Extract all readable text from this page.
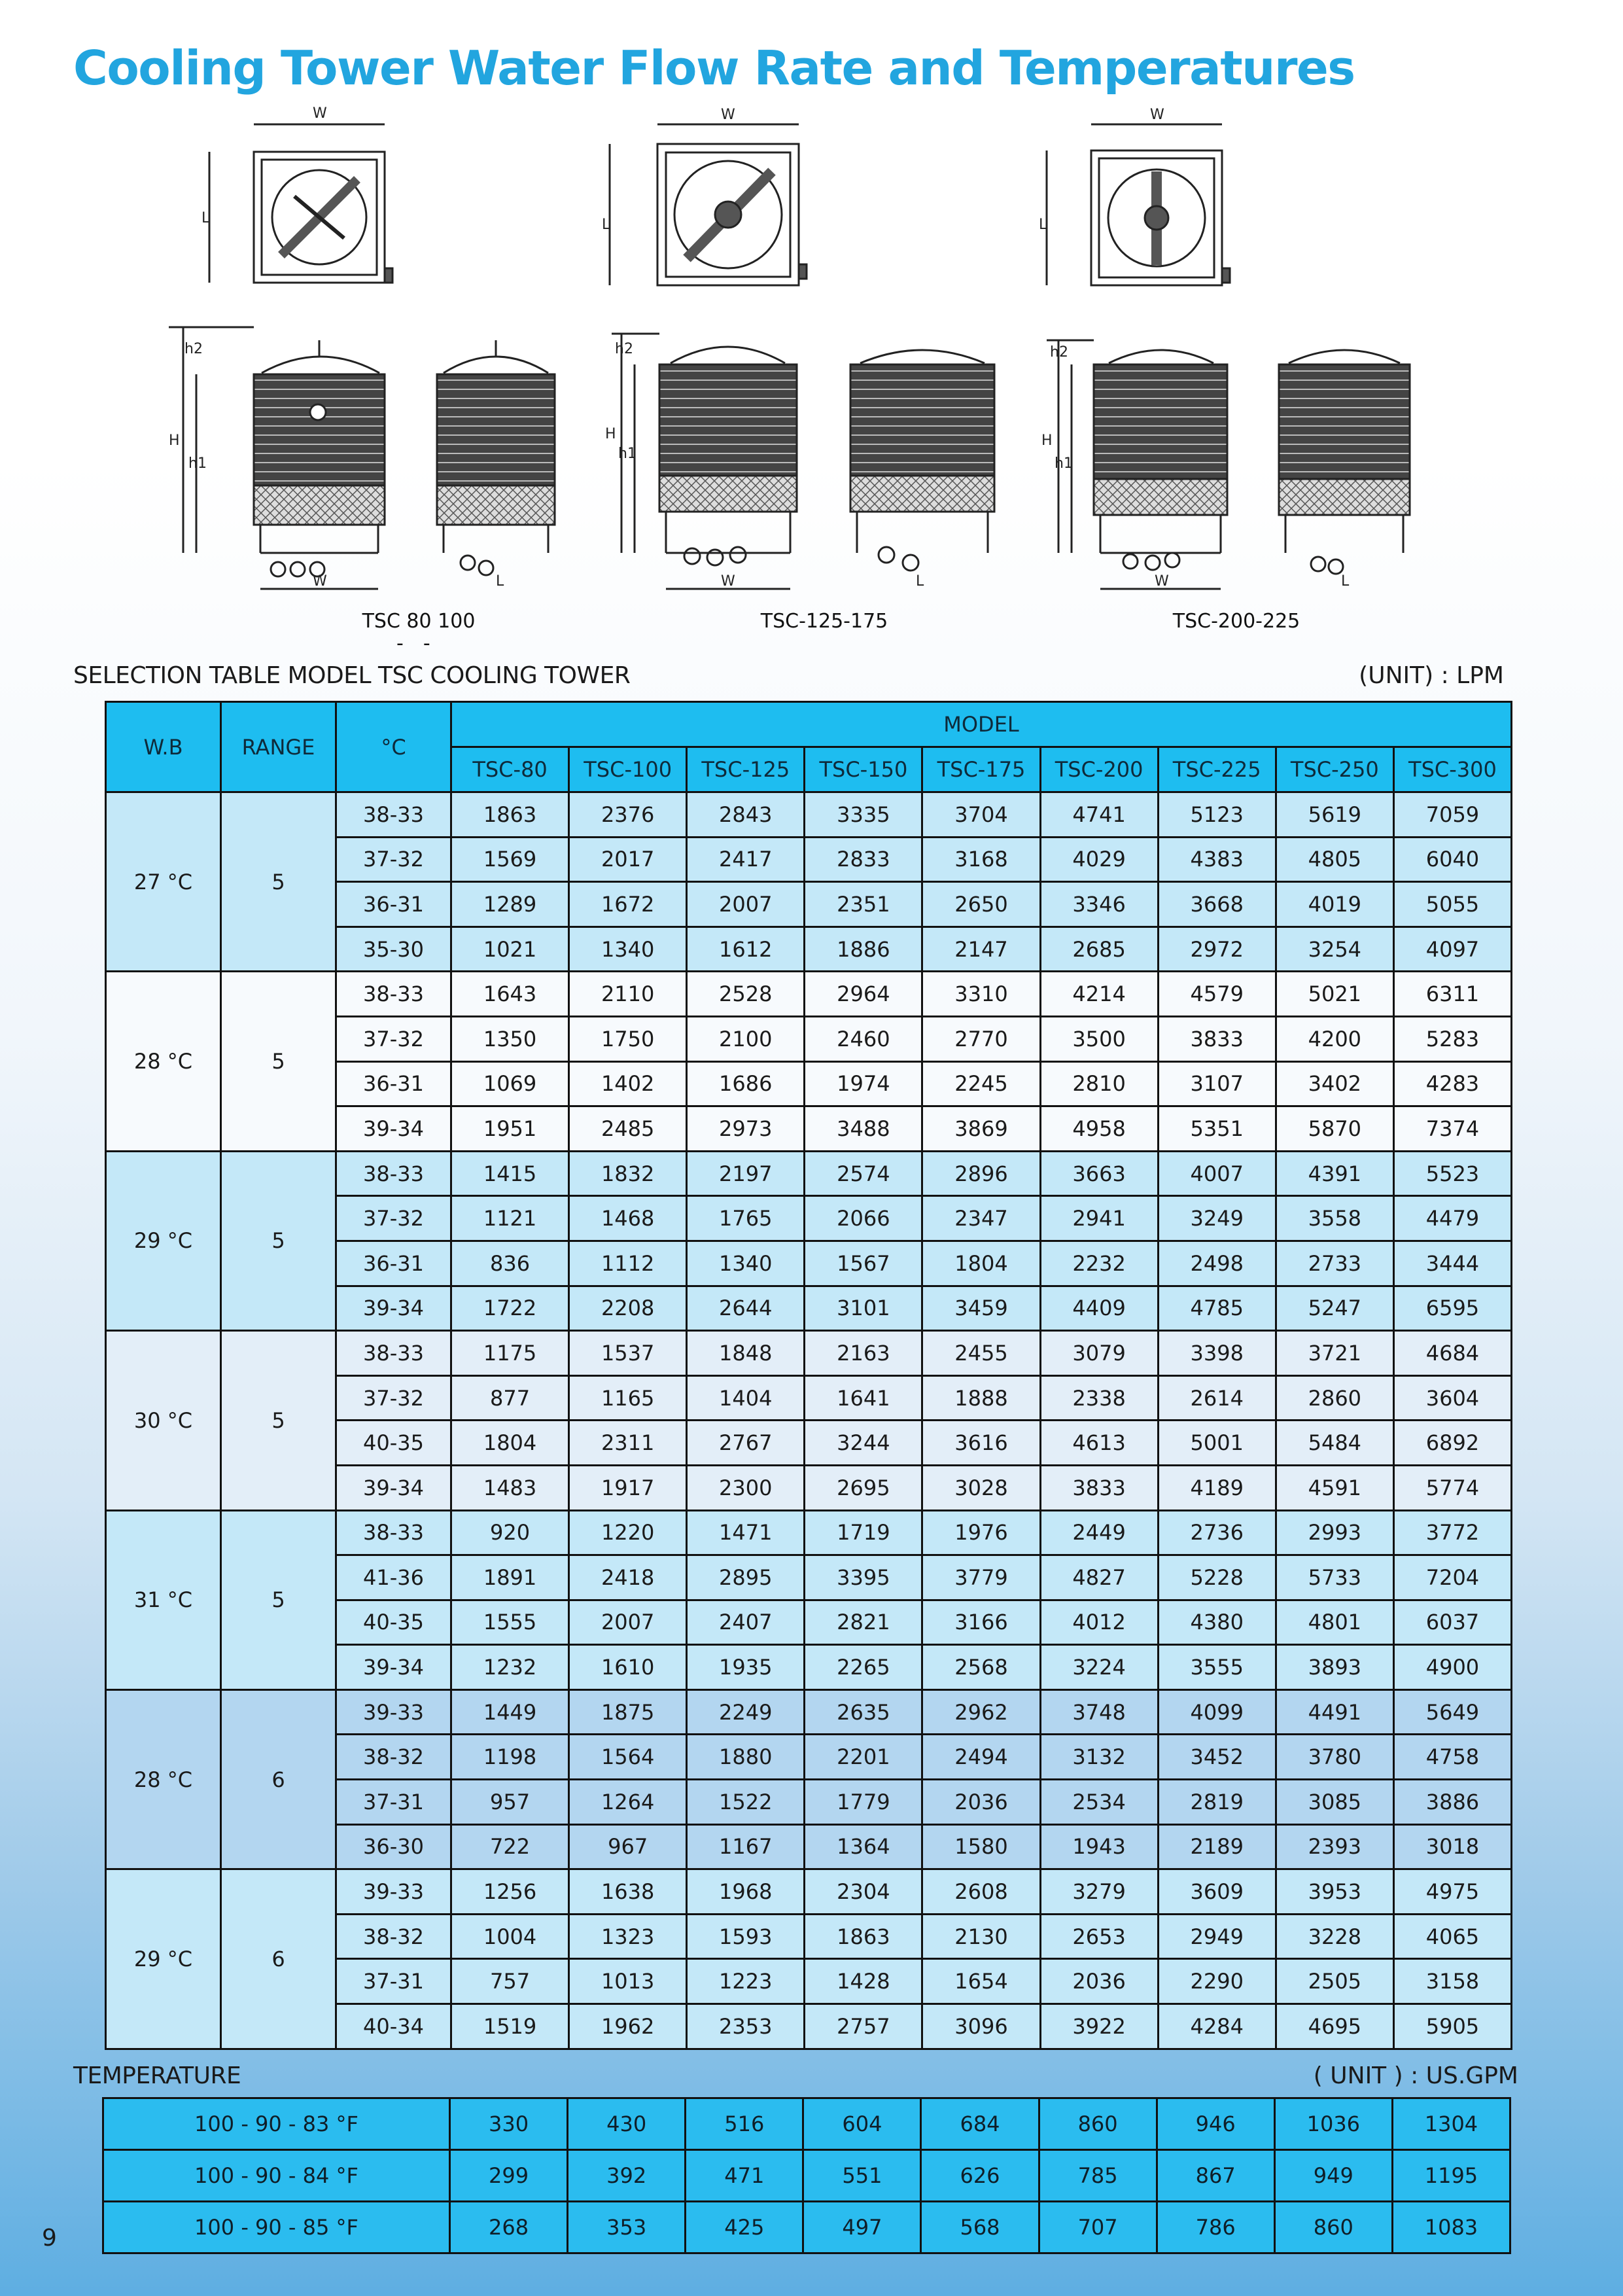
Cooling Tower Water Flow Rate and Temperatures
W	W	W
L	L	L
h2	h2	h2
H	H	H
h1
h1
h1
W	W	W
L	L	L
TSC 80 100
--
TSC-125-175	TSC-200-225
SELECTION TABLE MODEL TSC COOLING TOWER	(UNIT) : LPM
W.B	RANGE	°C	MODEL								
			TSC-80	TSC-100	TSC-125	TSC-150	TSC-175	TSC-200	TSC-225	TSC-250	TSC-300
27 °C	5	38-33	1863	2376	2843	3335	3704	4741	5123	5619	7059
		37-32	1569	2017	2417	2833	3168	4029	4383	4805	6040
		36-31	1289	1672	2007	2351	2650	3346	3668	4019	5055
		35-30	1021	1340	1612	1886	2147	2685	2972	3254	4097
28 °C	5	38-33	1643	2110	2528	2964	3310	4214	4579	5021	6311
		37-32	1350	1750	2100	2460	2770	3500	3833	4200	5283
		36-31	1069	1402	1686	1974	2245	2810	3107	3402	4283
		39-34	1951	2485	2973	3488	3869	4958	5351	5870	7374
29 °C	5	38-33	1415	1832	2197	2574	2896	3663	4007	4391	5523
		37-32	1121	1468	1765	2066	2347	2941	3249	3558	4479
		36-31	836	1112	1340	1567	1804	2232	2498	2733	3444
		39-34	1722	2208	2644	3101	3459	4409	4785	5247	6595
30 °C	5	38-33	1175	1537	1848	2163	2455	3079	3398	3721	4684
		37-32	877	1165	1404	1641	1888	2338	2614	2860	3604
		40-35	1804	2311	2767	3244	3616	4613	5001	5484	6892
		39-34	1483	1917	2300	2695	3028	3833	4189	4591	5774
31 °C	5	38-33	920	1220	1471	1719	1976	2449	2736	2993	3772
		41-36	1891	2418	2895	3395	3779	4827	5228	5733	7204
		40-35	1555	2007	2407	2821	3166	4012	4380	4801	6037
		39-34	1232	1610	1935	2265	2568	3224	3555	3893	4900
28 °C	6	39-33	1449	1875	2249	2635	2962	3748	4099	4491	5649
		38-32	1198	1564	1880	2201	2494	3132	3452	3780	4758
		37-31	957	1264	1522	1779	2036	2534	2819	3085	3886
		36-30	722	967	1167	1364	1580	1943	2189	2393	3018
29 °C	6	39-33	1256	1638	1968	2304	2608	3279	3609	3953	4975
		38-32	1004	1323	1593	1863	2130	2653	2949	3228	4065
		37-31	757	1013	1223	1428	1654	2036	2290	2505	3158
		40-34	1519	1962	2353	2757	3096	3922	4284	4695	5905
TEMPERATURE	( UNIT ) : US.GPM
100 - 90 - 83 °F	330	430	516	604	684	860	946	1036	1304
100 - 90 - 84 °F	299	392	471	551	626	785	867	949	1195
100 - 90 - 85 °F	268	353	425	497	568	707	786	860	1083
9
